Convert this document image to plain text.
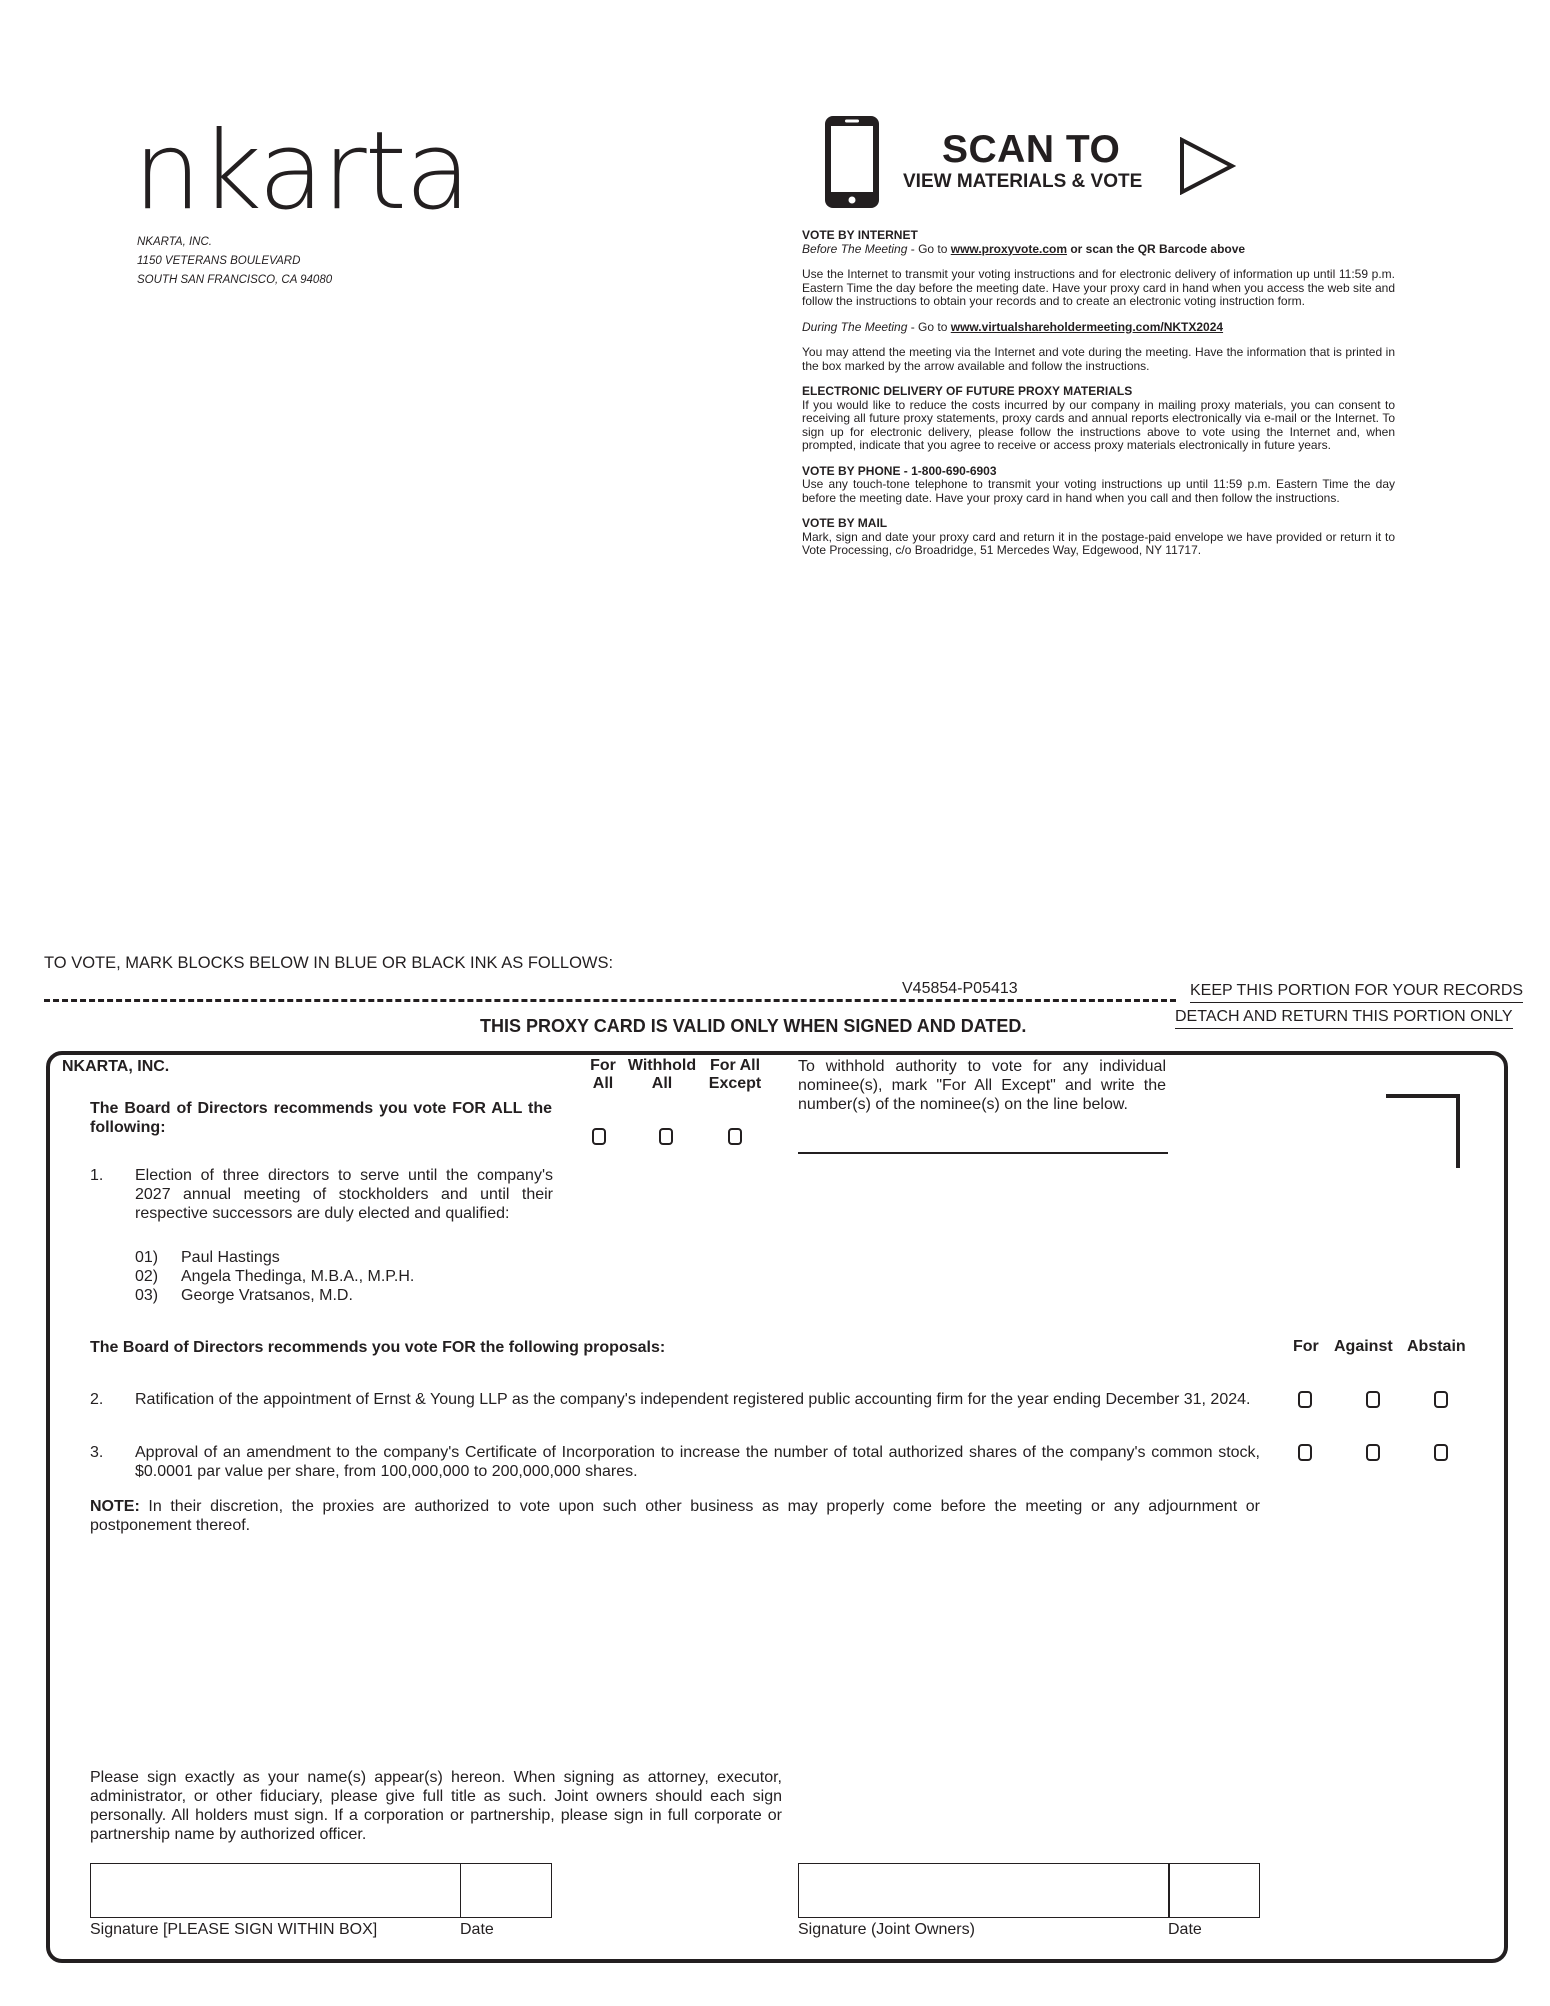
nkarta
NKARTA, INC.
1150 VETERANS BOULEVARD
SOUTH SAN FRANCISCO, CA 94080
SCAN TO
VIEW MATERIALS & VOTE

VOTE BY INTERNET
Before The Meeting - Go to www.proxyvote.com or scan the QR Barcode above

Use the Internet to transmit your voting instructions and for electronic delivery of information up until 11:59 p.m. Eastern Time the day before the meeting date. Have your proxy card in hand when you access the web site and follow the instructions to obtain your records and to create an electronic voting instruction form.

During The Meeting - Go to www.virtualshareholdermeeting.com/NKTX2024

You may attend the meeting via the Internet and vote during the meeting. Have the information that is printed in the box marked by the arrow available and follow the instructions.

ELECTRONIC DELIVERY OF FUTURE PROXY MATERIALS
If you would like to reduce the costs incurred by our company in mailing proxy materials, you can consent to receiving all future proxy statements, proxy cards and annual reports electronically via e-mail or the Internet. To sign up for electronic delivery, please follow the instructions above to vote using the Internet and, when prompted, indicate that you agree to receive or access proxy materials electronically in future years.

VOTE BY PHONE - 1-800-690-6903
Use any touch-tone telephone to transmit your voting instructions up until 11:59 p.m. Eastern Time the day before the meeting date. Have your proxy card in hand when you call and then follow the instructions.

VOTE BY MAIL
Mark, sign and date your proxy card and return it in the postage-paid envelope we have provided or return it to Vote Processing, c/o Broadridge, 51 Mercedes Way, Edgewood, NY 11717.

TO VOTE, MARK BLOCKS BELOW IN BLUE OR BLACK INK AS FOLLOWS:
V45854-P05413	KEEP THIS PORTION FOR YOUR RECORDS
DETACH AND RETURN THIS PORTION ONLY
THIS PROXY CARD IS VALID ONLY WHEN SIGNED AND DATED.
NKARTA, INC.
The Board of Directors recommends you vote FOR ALL the following:
For
All
Withhold
All
For All
Except
To withhold authority to vote for any individual nominee(s), mark "For All Except" and write the number(s) of the nominee(s) on the line below.
1. Election of three directors to serve until the company's 2027 annual meeting of stockholders and until their respective successors are duly elected and qualified:
01) Paul Hastings
02) Angela Thedinga, M.B.A., M.P.H.
03) George Vratsanos, M.D.
The Board of Directors recommends you vote FOR the following proposals:	For Against Abstain
2. Ratification of the appointment of Ernst & Young LLP as the company's independent registered public accounting firm for the year ending December 31, 2024.
3. Approval of an amendment to the company's Certificate of Incorporation to increase the number of total authorized shares of the company's common stock, $0.0001 par value per share, from 100,000,000 to 200,000,000 shares.
NOTE: In their discretion, the proxies are authorized to vote upon such other business as may properly come before the meeting or any adjournment or postponement thereof.
Please sign exactly as your name(s) appear(s) hereon. When signing as attorney, executor, administrator, or other fiduciary, please give full title as such. Joint owners should each sign personally. All holders must sign. If a corporation or partnership, please sign in full corporate or partnership name by authorized officer.
Signature [PLEASE SIGN WITHIN BOX]	Date	Signature (Joint Owners)	Date
